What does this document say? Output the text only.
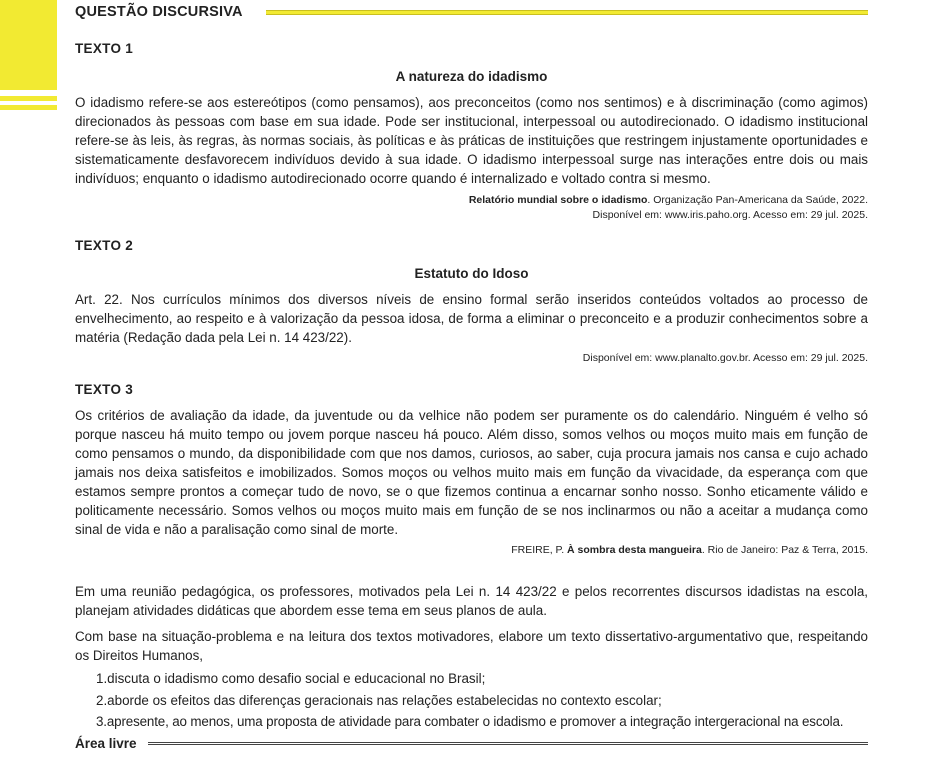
QUESTÃO DISCURSIVA
TEXTO 1
A natureza do idadismo

O idadismo refere-se aos estereótipos (como pensamos), aos preconceitos (como nos sentimos) e à discriminação (como agimos) direcionados às pessoas com base em sua idade. Pode ser institucional, interpessoal ou autodirecionado. O idadismo institucional refere-se às leis, às regras, às normas sociais, às políticas e às práticas de instituições que restringem injustamente oportunidades e sistematicamente desfavorecem indivíduos devido à sua idade. O idadismo interpessoal surge nas interações entre dois ou mais indivíduos; enquanto o idadismo autodirecionado ocorre quando é internalizado e voltado contra si mesmo.

Relatório mundial sobre o idadismo. Organização Pan-Americana da Saúde, 2022.
Disponível em: www.iris.paho.org. Acesso em: 29 jul. 2025.
TEXTO 2
Estatuto do Idoso

Art. 22. Nos currículos mínimos dos diversos níveis de ensino formal serão inseridos conteúdos voltados ao processo de envelhecimento, ao respeito e à valorização da pessoa idosa, de forma a eliminar o preconceito e a produzir conhecimentos sobre a matéria (Redação dada pela Lei n. 14 423/22).

Disponível em: www.planalto.gov.br. Acesso em: 29 jul. 2025.
TEXTO 3

Os critérios de avaliação da idade, da juventude ou da velhice não podem ser puramente os do calendário. Ninguém é velho só porque nasceu há muito tempo ou jovem porque nasceu há pouco. Além disso, somos velhos ou moços muito mais em função de como pensamos o mundo, da disponibilidade com que nos damos, curiosos, ao saber, cuja procura jamais nos cansa e cujo achado jamais nos deixa satisfeitos e imobilizados. Somos moços ou velhos muito mais em função da vivacidade, da esperança com que estamos sempre prontos a começar tudo de novo, se o que fizemos continua a encarnar sonho nosso. Sonho eticamente válido e politicamente necessário. Somos velhos ou moços muito mais em função de se nos inclinarmos ou não a aceitar a mudança como sinal de vida e não a paralisação como sinal de morte.

FREIRE, P. À sombra desta mangueira. Rio de Janeiro: Paz & Terra, 2015.

Em uma reunião pedagógica, os professores, motivados pela Lei n. 14 423/22 e pelos recorrentes discursos idadistas na escola, planejam atividades didáticas que abordem esse tema em seus planos de aula.

Com base na situação-problema e na leitura dos textos motivadores, elabore um texto dissertativo-argumentativo que, respeitando os Direitos Humanos,

1.discuta o idadismo como desafio social e educacional no Brasil;
2.aborde os efeitos das diferenças geracionais nas relações estabelecidas no contexto escolar;
3.apresente, ao menos, uma proposta de atividade para combater o idadismo e promover a integração intergeracional na escola.
Área livre
